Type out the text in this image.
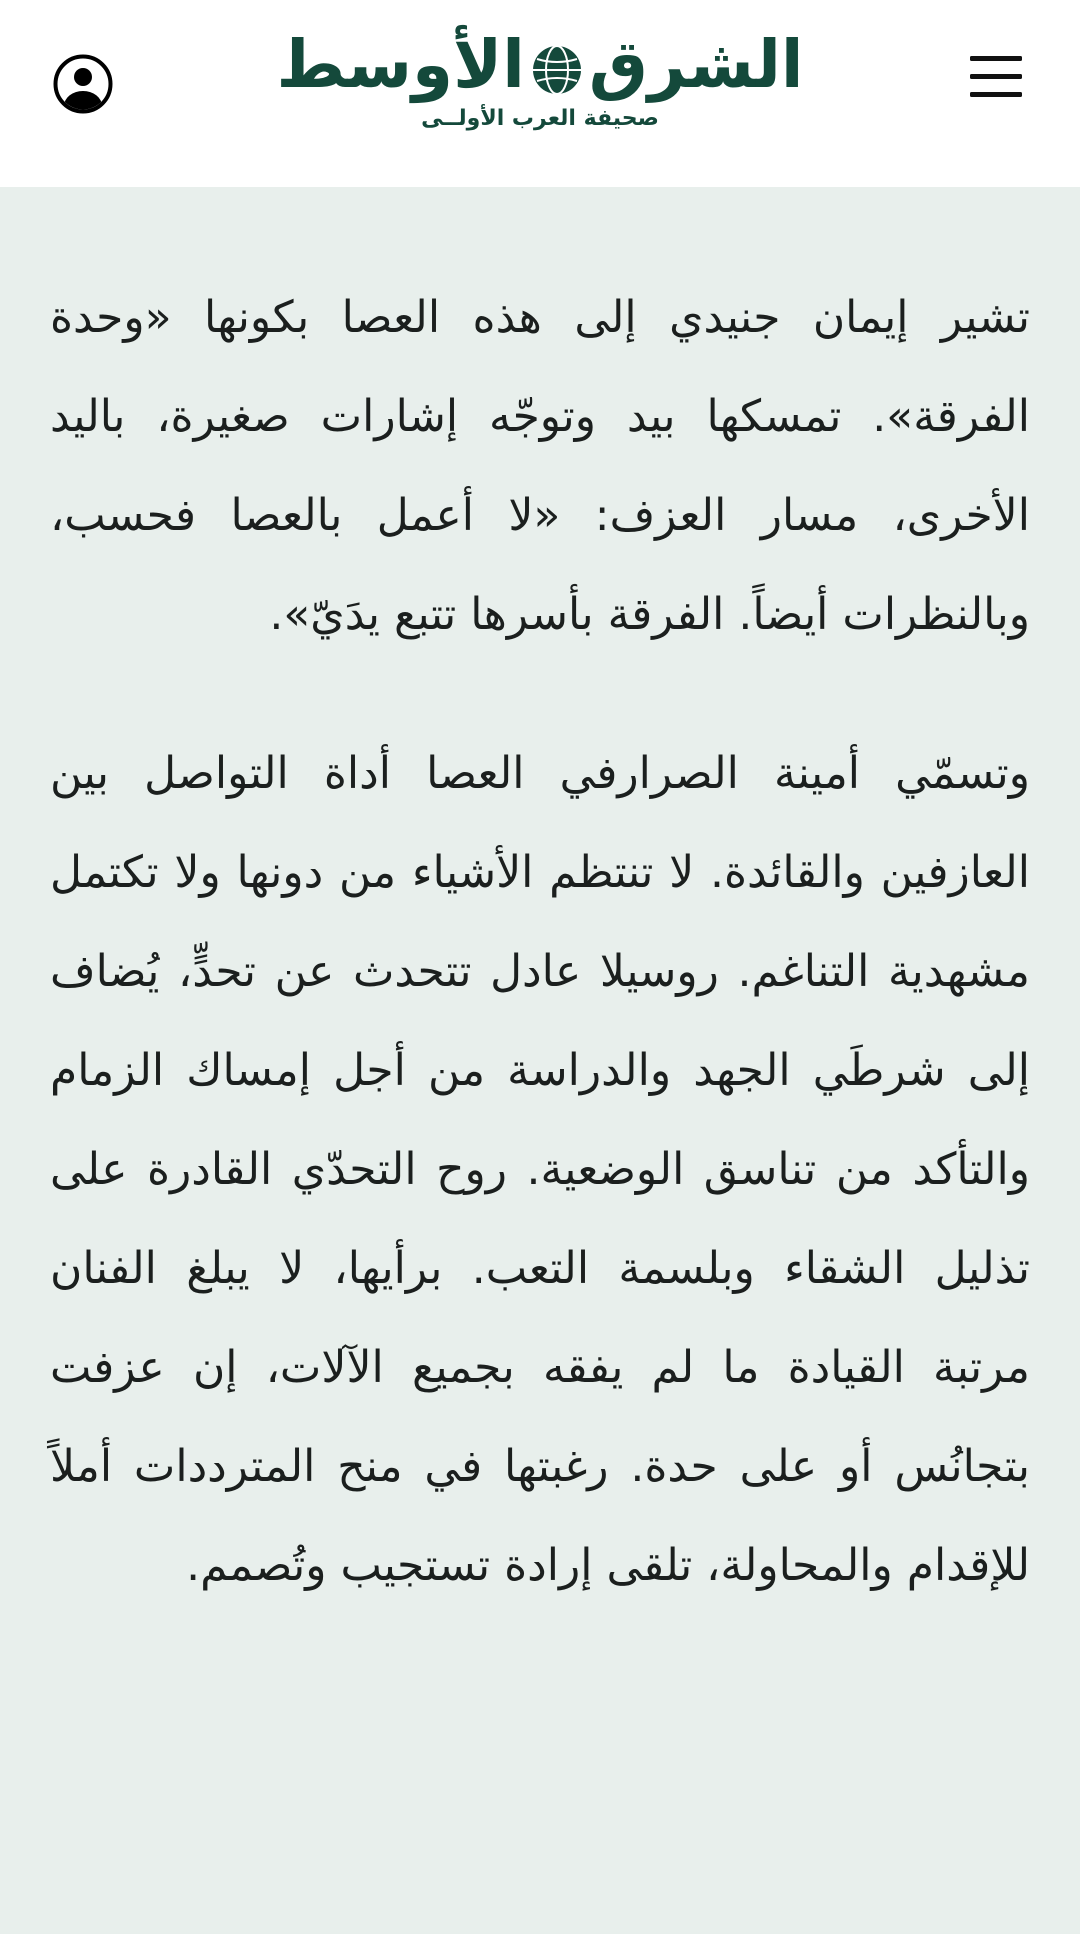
الشرق
الأوسط
صحيفة العرب الأولــى

تشير إيمان جنيدي إلى هذه العصا بكونها «وحدة الفرقة». تمسكها بيد وتوجّه إشارات صغيرة، باليد الأخرى، مسار العزف: «لا أعمل بالعصا فحسب، وبالنظرات أيضاً. الفرقة بأسرها تتبع يدَيّ».

وتسمّي أمينة الصرارفي العصا أداة التواصل بين العازفين والقائدة. لا تنتظم الأشياء من دونها ولا تكتمل مشهدية التناغم. روسيلا عادل تتحدث عن تحدٍّ، يُضاف إلى شرطَي الجهد والدراسة من أجل إمساك الزمام والتأكد من تناسق الوضعية. روح التحدّي القادرة على تذليل الشقاء وبلسمة التعب. برأيها، لا يبلغ الفنان مرتبة القيادة ما لم يفقه بجميع الآلات، إن عزفت بتجانُس أو على حدة. رغبتها في منح المترددات أملاً للإقدام والمحاولة، تلقى إرادة تستجيب وتُصمم.
